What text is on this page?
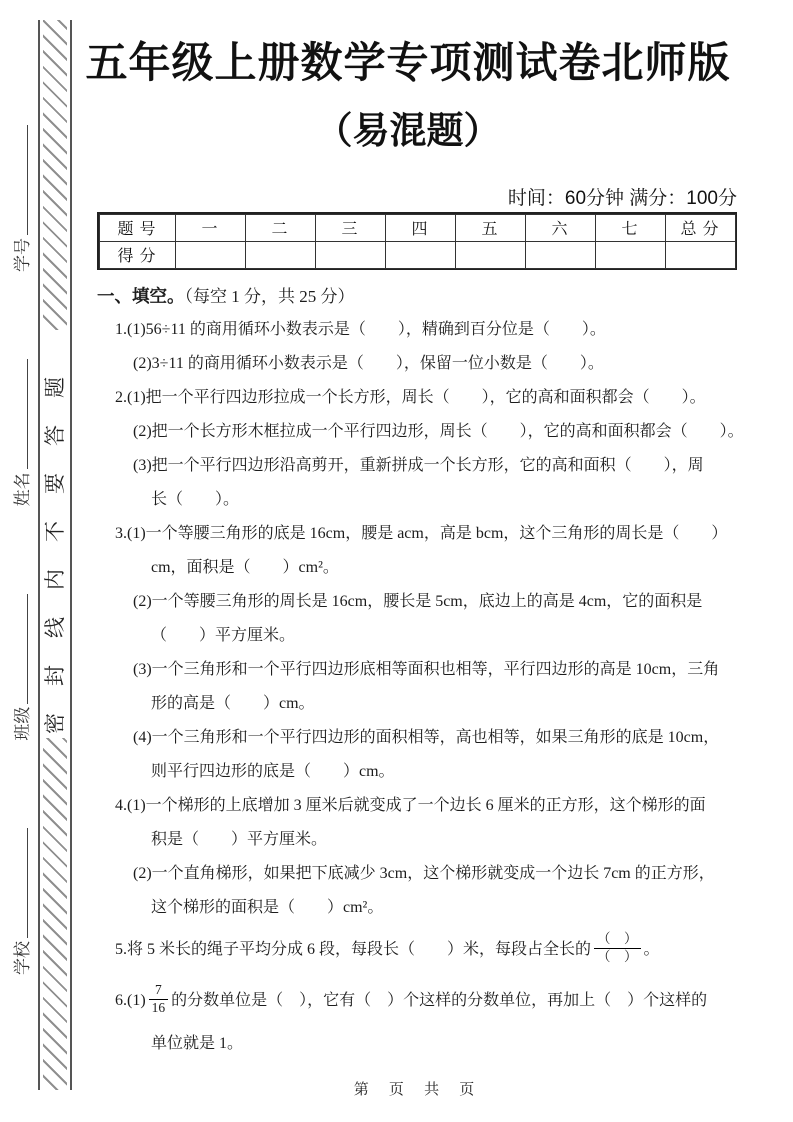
学校
班级
姓名
学号
密封线内不要答题
五年级上册数学专项测试卷北师版
（易混题）
时间：60分钟 满分：100分
题 号	一	二	三	四	五	六	七	总 分
得 分
一、填空。（每空 1 分，共 25 分）
1.(1)56÷11 的商用循环小数表示是（　　），精确到百分位是（　　）。
(2)3÷11 的商用循环小数表示是（　　），保留一位小数是（　　）。
2.(1)把一个平行四边形拉成一个长方形，周长（　　），它的高和面积都会（　　）。
(2)把一个长方形木框拉成一个平行四边形，周长（　　），它的高和面积都会（　　）。
(3)把一个平行四边形沿高剪开，重新拼成一个长方形，它的高和面积（　　），周
长（　　）。
3.(1)一个等腰三角形的底是 16cm，腰是 acm，高是 bcm，这个三角形的周长是（　　）
cm，面积是（　　）cm²。
(2)一个等腰三角形的周长是 16cm，腰长是 5cm，底边上的高是 4cm，它的面积是
（　　）平方厘米。
(3)一个三角形和一个平行四边形底相等面积也相等，平行四边形的高是 10cm，三角
形的高是（　　）cm。
(4)一个三角形和一个平行四边形的面积相等，高也相等，如果三角形的底是 10cm，
则平行四边形的底是（　　）cm。
4.(1)一个梯形的上底增加 3 厘米后就变成了一个边长 6 厘米的正方形，这个梯形的面
积是（　　）平方厘米。
(2)一个直角梯形，如果把下底减少 3cm，这个梯形就变成一个边长 7cm 的正方形，
这个梯形的面积是（　　）cm²。
5.将 5 米长的绳子平均分成 6 段，每段长（　　）米，每段占全长的 $\frac{( )}{( )}$ 。
$6.(1) \frac{7}{16}$ 的分数单位是（　），它有（　）个这样的分数单位，再加上（　）个这样的
单位就是 1。
第 页 共 页
